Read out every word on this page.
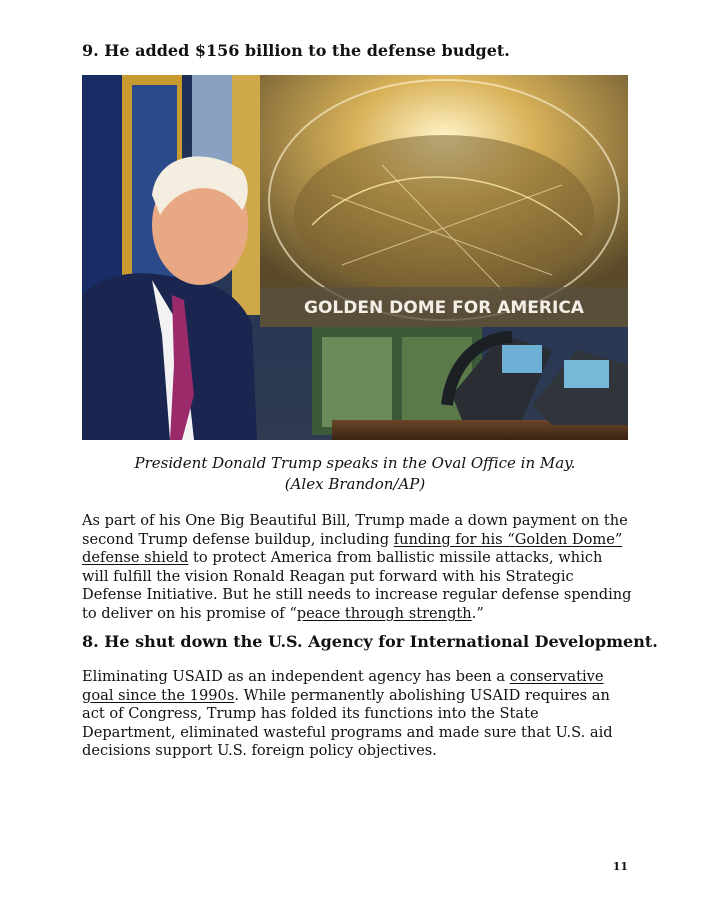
9. He added $156 billion to the defense budget.
GOLDEN DOME FOR AMERICA
President Donald Trump speaks in the Oval Office in May.
(Alex Brandon/AP)

As part of his One Big Beautiful Bill, Trump made a down payment on the second Trump defense buildup, including funding for his “Golden Dome” defense shield to protect America from ballistic missile attacks, which will fulfill the vision Ronald Reagan put forward with his Strategic Defense Initiative. But he still needs to increase regular defense spending to deliver on his promise of “peace through strength.”

8. He shut down the U.S. Agency for International Development.

Eliminating USAID as an independent agency has been a conservative goal since the 1990s. While permanently abolishing USAID requires an act of Congress, Trump has folded its functions into the State Department, eliminated wasteful programs and made sure that U.S. aid decisions support U.S. foreign policy objectives.

11
